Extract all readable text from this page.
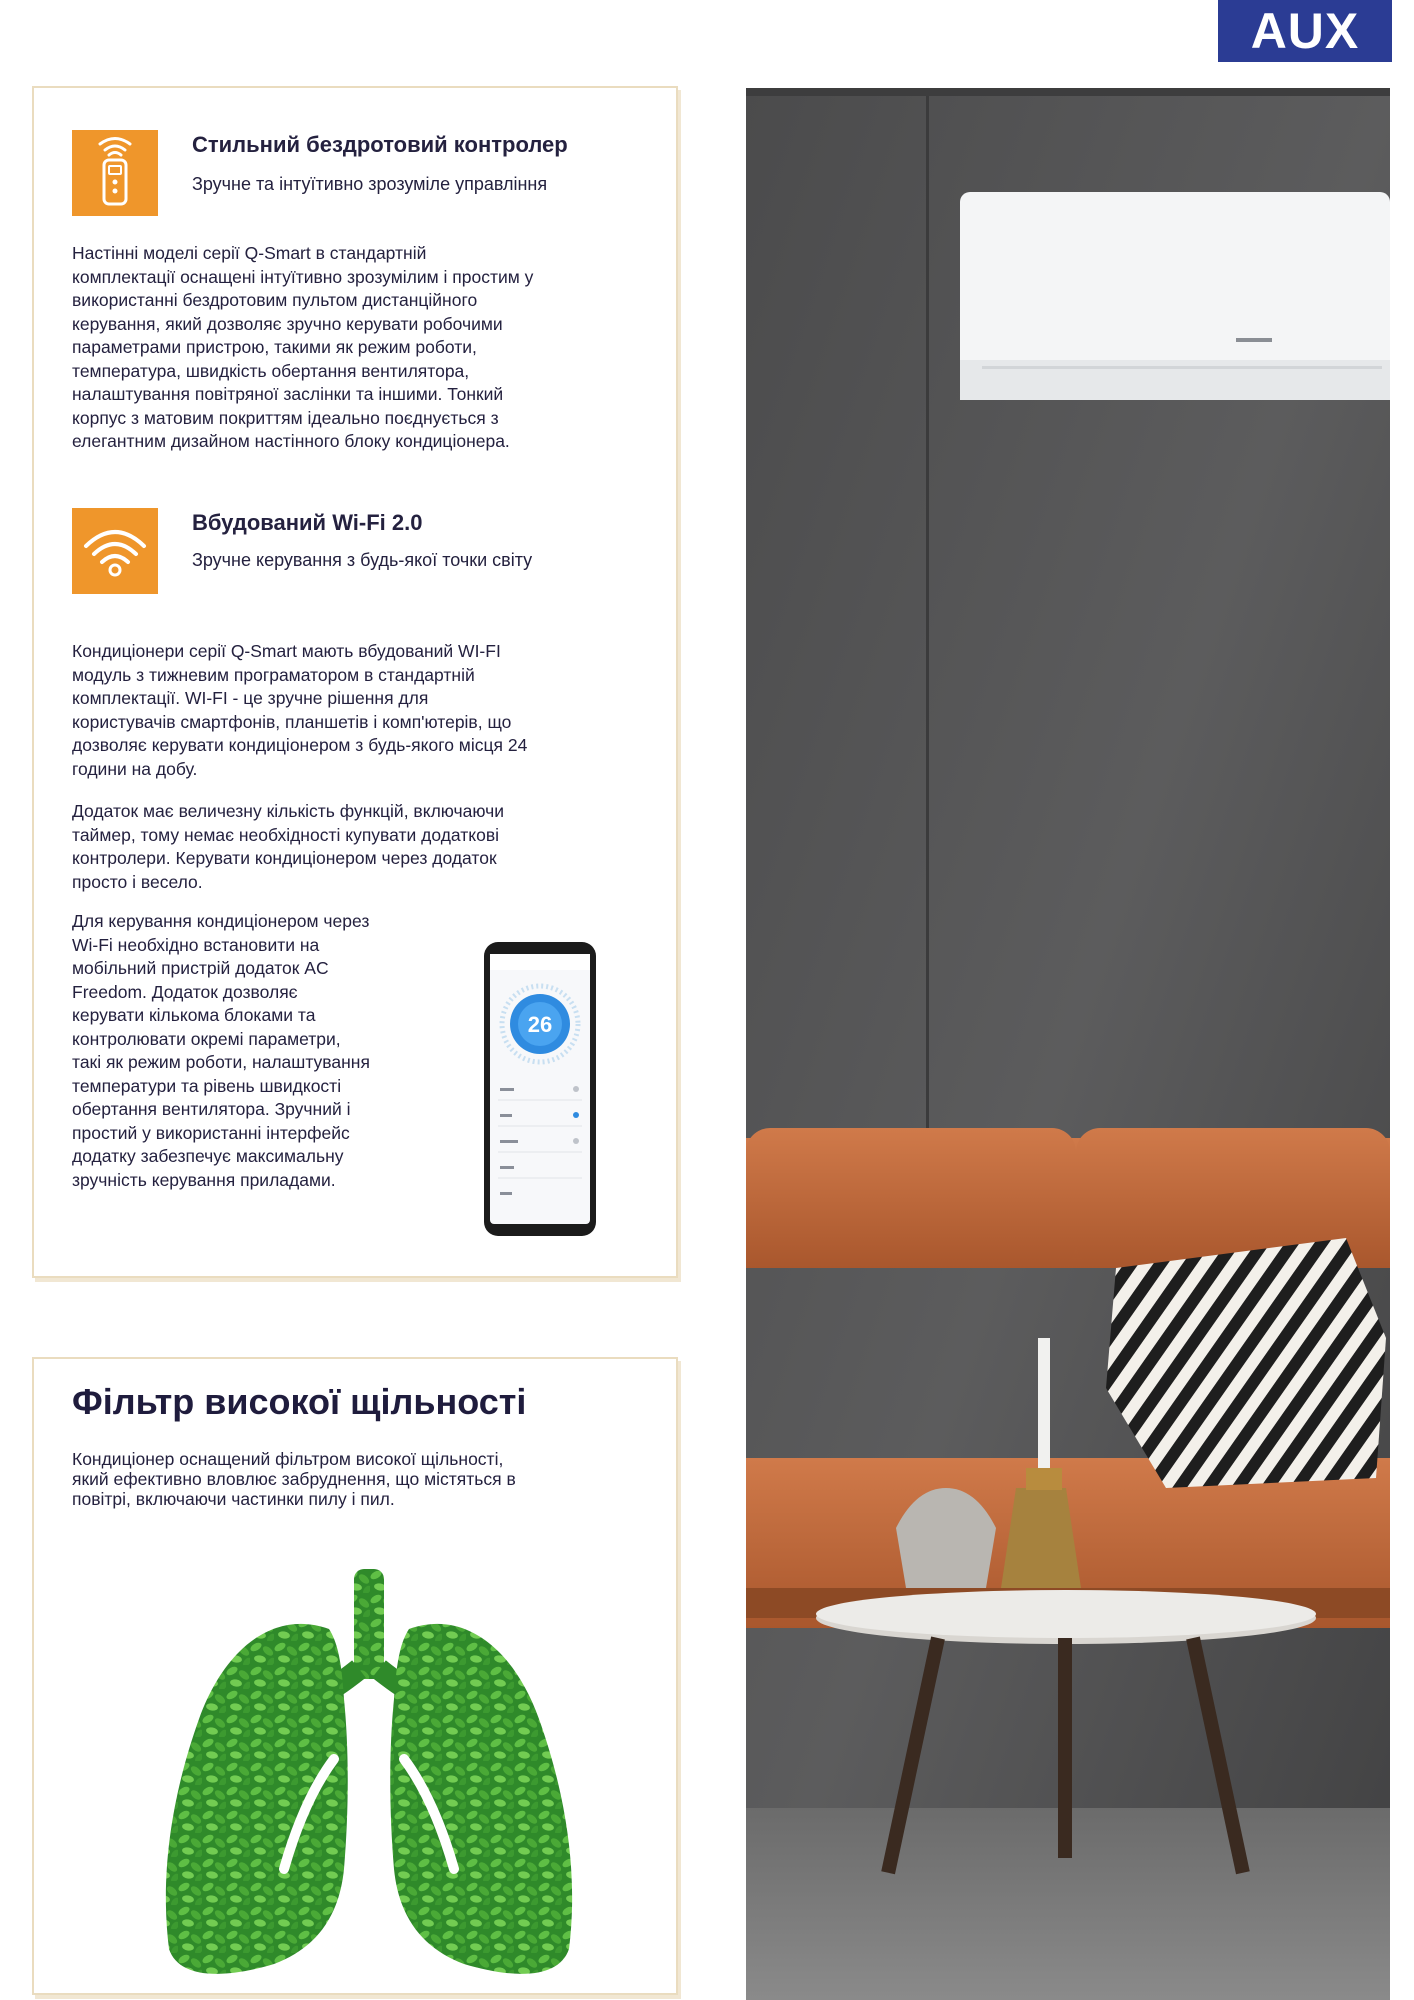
AUX
Стильний бездротовий контролер
Зручне та інтуїтивно зрозуміле управління
Настінні моделі серії Q-Smart в стандартній
комплектації оснащені інтуїтивно зрозумілим і простим у
використанні бездротовим пультом дистанційного
керування, який дозволяє зручно керувати робочими
параметрами пристрою, такими як режим роботи,
температура, швидкість обертання вентилятора,
налаштування повітряної заслінки та іншими. Тонкий
корпус з матовим покриттям ідеально поєднується з
елегантним дизайном настінного блоку кондиціонера.
Вбудований Wi-Fi 2.0
Зручне керування з будь-якої точки світу
Кондиціонери серії Q-Smart мають вбудований WI-FI
модуль з тижневим програматором в стандартній
комплектації. WI-FI - це зручне рішення для
користувачів смартфонів, планшетів і комп'ютерів, що
дозволяє керувати кондиціонером з будь-якого місця 24
години на добу.
Додаток має величезну кількість функцій, включаючи
таймер, тому немає необхідності купувати додаткові
контролери. Керувати кондиціонером через додаток
просто і весело.
Для керування кондиціонером через
Wi-Fi необхідно встановити на
мобільний пристрій додаток AC
Freedom. Додаток дозволяє
керувати кількома блоками та
контролювати окремі параметри,
такі як режим роботи, налаштування
температури та рівень швидкості
обертання вентилятора. Зручний і
простий у використанні інтерфейс
додатку забезпечує максимальну
зручність керування приладами.
26
Фільтр високої щільності
Кондиціонер оснащений фільтром високої щільності,
який ефективно вловлює забруднення, що містяться в
повітрі, включаючи частинки пилу і пил.
